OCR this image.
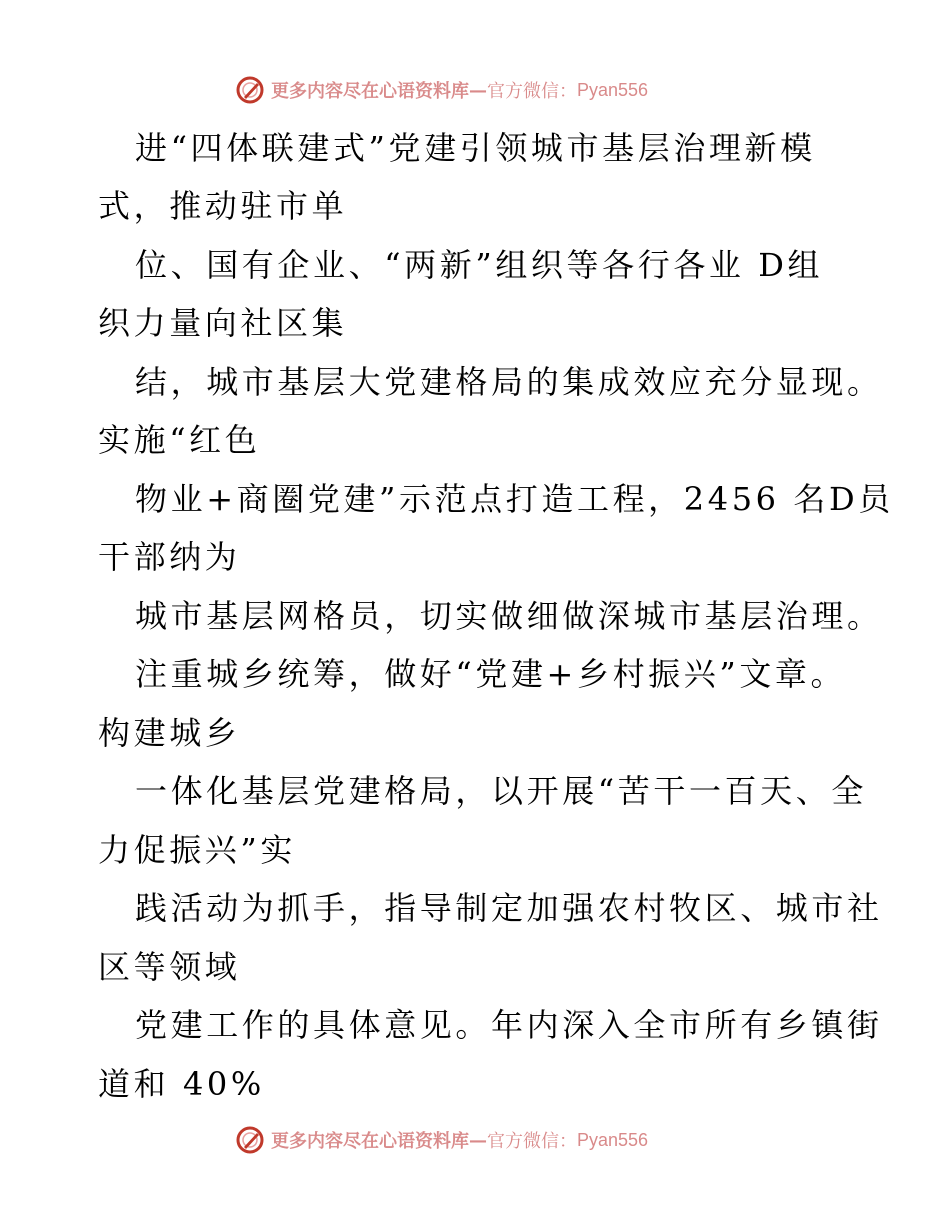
更多内容尽在心语资料库 — 官方微信： Pyan556
进“四体联建式”党建引领城市基层治理新模
式，推动驻市单
位、国有企业、“两新”组织等各行各业 D组
织力量向社区集
结，城市基层大党建格局的集成效应充分显现。
实施“红色
物业+商圈党建”示范点打造工程，2456 名D员
干部纳为
城市基层网格员，切实做细做深城市基层治理。
注重城乡统筹，做好“党建+乡村振兴”文章。
构建城乡
一体化基层党建格局，以开展“苦干一百天、全
力促振兴”实
践活动为抓手，指导制定加强农村牧区、城市社
区等领域
党建工作的具体意见。年内深入全市所有乡镇街
道和 40%
更多内容尽在心语资料库 — 官方微信： Pyan556
